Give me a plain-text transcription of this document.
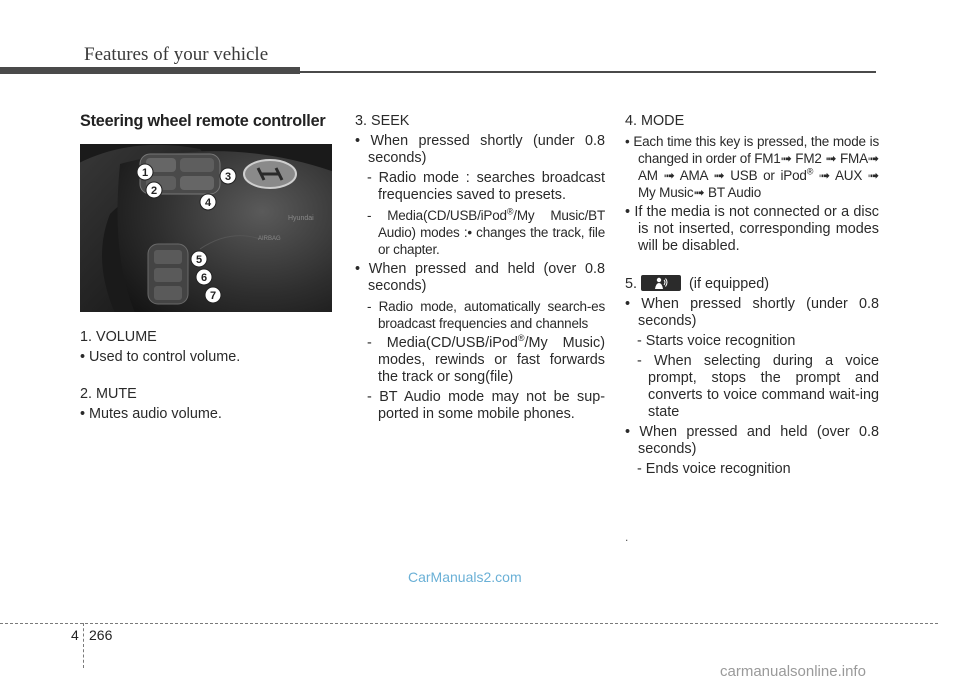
Features of your vehicle
Steering wheel remote controller
Hyundai
AIRBAG
1
2
3
4
5
6
7

1. VOLUME

• Used to control volume.

2. MUTE

• Mutes audio volume.

3. SEEK

• When pressed shortly (under 0.8 seconds)

- Radio mode : searches broadcast frequencies saved to presets.

- Media(CD/USB/iPod®/My Music/BT Audio) modes :• changes the track, file or chapter.

• When pressed and held (over 0.8 seconds)

- Radio mode, automatically search-es broadcast frequencies and channels

- Media(CD/USB/iPod®/My Music) modes, rewinds or fast forwards the track or song(file)

- BT Audio mode may not be sup-ported in some mobile phones.

4. MODE

• Each time this key is pressed, the mode is changed in order of FM1➟ FM2 ➟ FMA➟ AM ➟ AMA ➟ USB or iPod® ➟ AUX ➟ My Music➟ BT Audio

• If the media is not connected or a disc is not inserted, corresponding modes will be disabled.

5.	(if equipped)

• When pressed shortly (under 0.8 seconds)

- Starts voice recognition

- When selecting during a voice prompt, stops the prompt and converts to voice command wait-ing state

• When pressed and held (over 0.8 seconds)

- Ends voice recognition

.
CarManuals2.com
4 266
carmanualsonline.info
